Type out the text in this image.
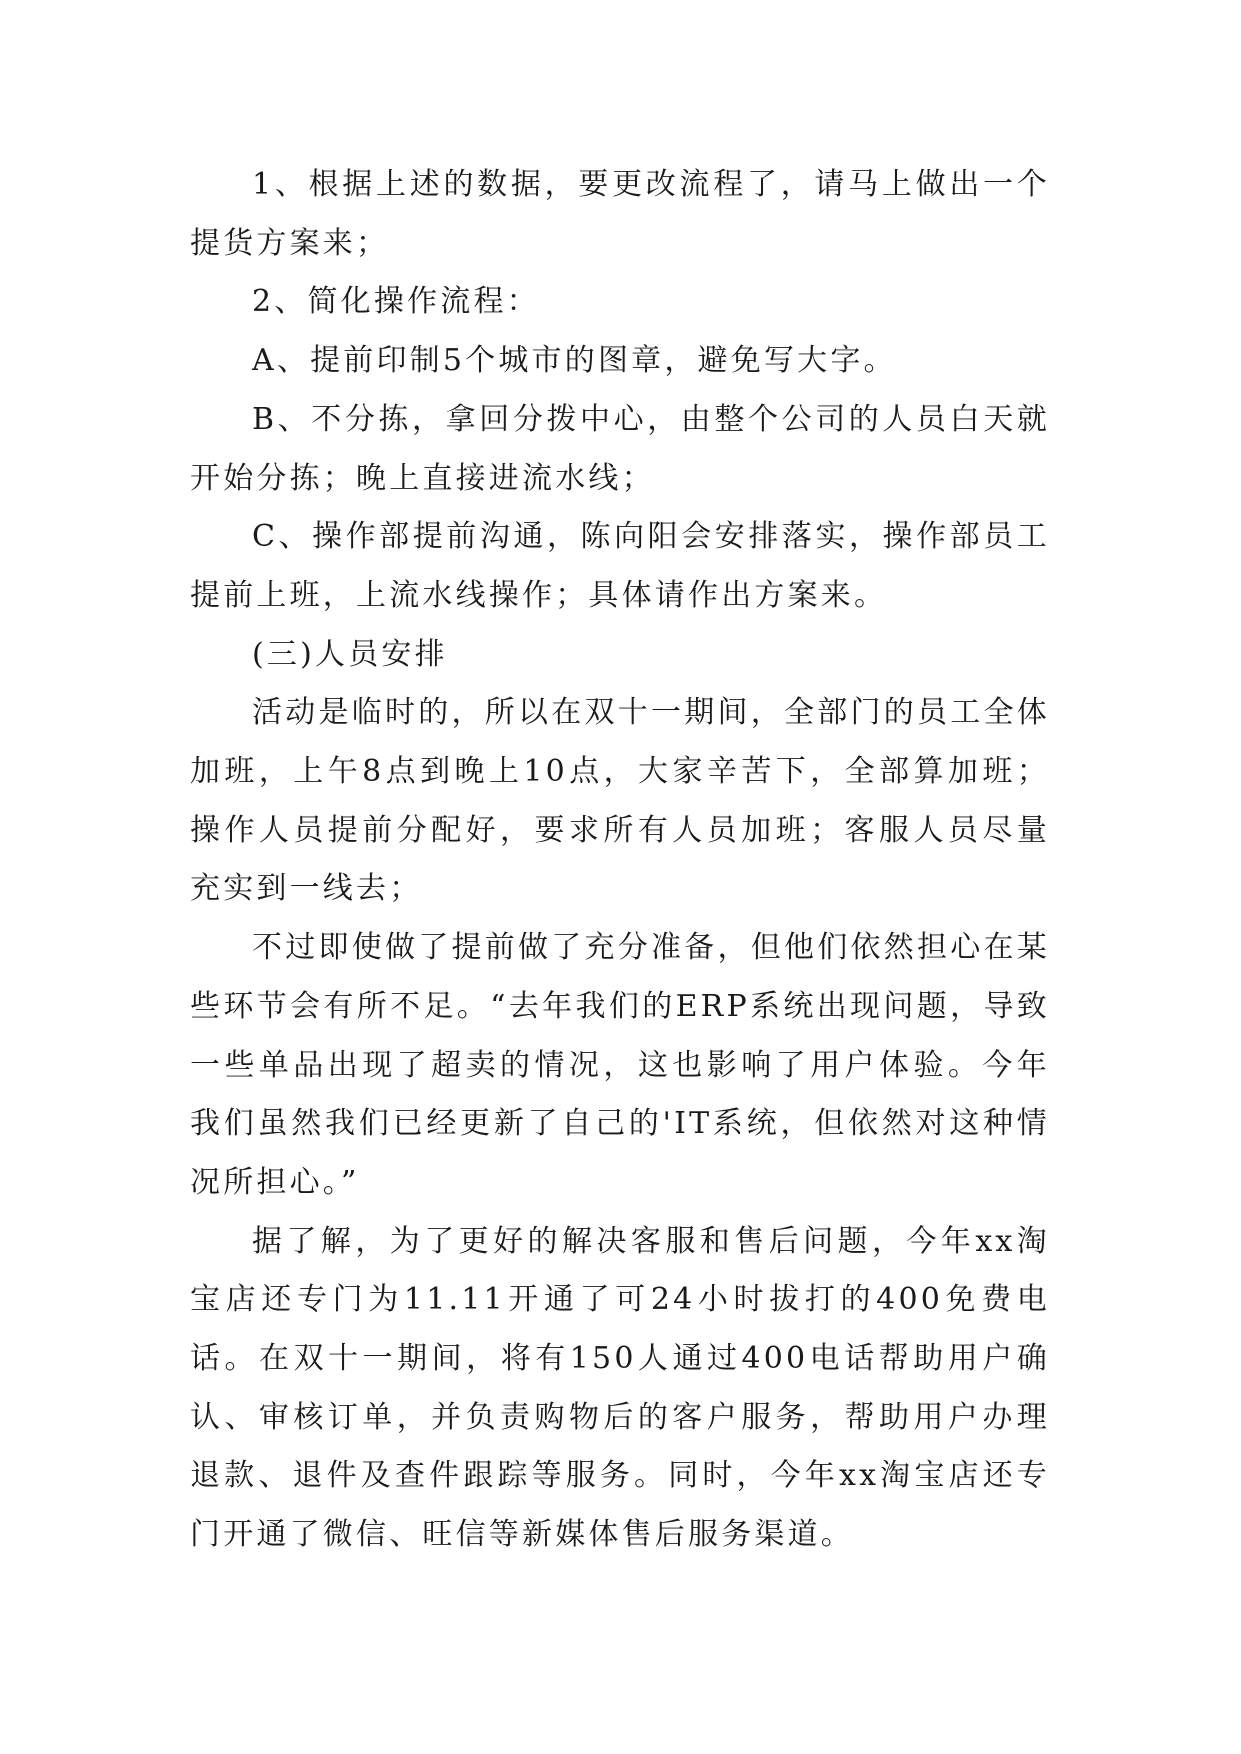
1、根据上述的数据，要更改流程了，请马上做出一个提货方案来；

2、简化操作流程：

A、提前印制5个城市的图章，避免写大字。

B、不分拣，拿回分拨中心，由整个公司的人员白天就开始分拣；晚上直接进流水线；

C、操作部提前沟通，陈向阳会安排落实，操作部员工提前上班，上流水线操作；具体请作出方案来。

(三)人员安排

活动是临时的，所以在双十一期间，全部门的员工全体加班，上午8点到晚上10点，大家辛苦下，全部算加班；操作人员提前分配好，要求所有人员加班；客服人员尽量充实到一线去；

不过即使做了提前做了充分准备，但他们依然担心在某些环节会有所不足。“去年我们的ERP系统出现问题，导致一些单品出现了超卖的情况，这也影响了用户体验。今年我们虽然我们已经更新了自己的'IT系统，但依然对这种情况所担心。”

据了解，为了更好的解决客服和售后问题，今年xx淘宝店还专门为11.11开通了可24小时拔打的400免费电话。在双十一期间，将有150人通过400电话帮助用户确认、审核订单，并负责购物后的客户服务，帮助用户办理退款、退件及查件跟踪等服务。同时，今年xx淘宝店还专门开通了微信、旺信等新媒体售后服务渠道。
